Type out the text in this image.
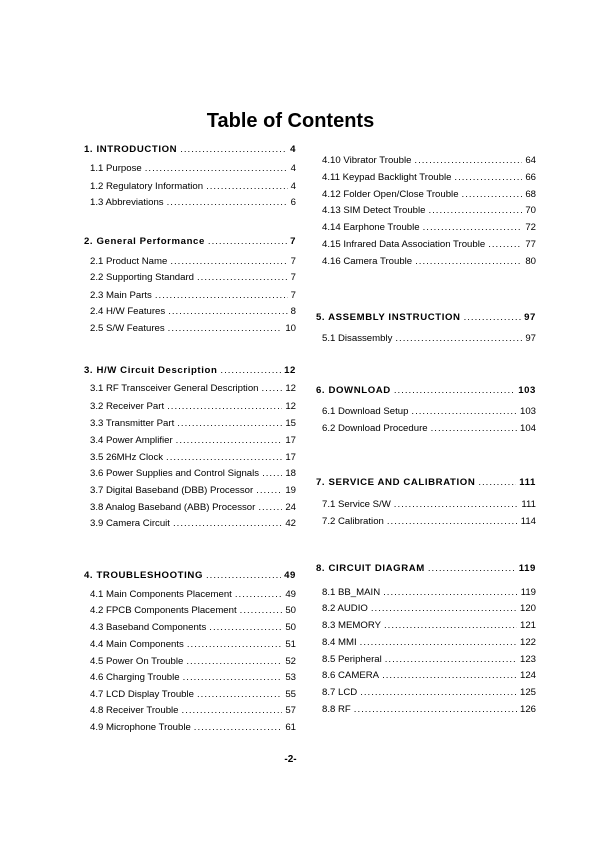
Table of Contents
1. INTRODUCTION .....	4
1.1 Purpose .....	4
1.2 Regulatory Information .....	4
1.3 Abbreviations .....	6
2. General Performance .....	7
2.1 Product Name .....	7
2.2 Supporting Standard .....	7
2.3 Main Parts .....	7
2.4 H/W Features .....	8
2.5 S/W Features .....	10
3. H/W Circuit Description .....	12
3.1 RF Transceiver General Description .....	12
3.2 Receiver Part .....	12
3.3 Transmitter Part .....	15
3.4 Power Amplifier .....	17
3.5 26MHz Clock .....	17
3.6 Power Supplies and Control Signals .....	18
3.7 Digital Baseband (DBB) Processor .....	19
3.8 Analog Baseband (ABB) Processor .....	24
3.9 Camera Circuit .....	42
4. TROUBLESHOOTING .....	49
4.1 Main Components Placement .....	49
4.2 FPCB Components Placement .....	50
4.3 Baseband Components .....	50
4.4 Main Components .....	51
4.5 Power On Trouble .....	52
4.6 Charging Trouble .....	53
4.7 LCD Display Trouble .....	55
4.8 Receiver Trouble .....	57
4.9 Microphone Trouble .....	61
4.10 Vibrator Trouble .....	64
4.11 Keypad Backlight Trouble .....	66
4.12 Folder Open/Close Trouble .....	68
4.13 SIM Detect Trouble .....	70
4.14 Earphone Trouble .....	72
4.15 Infrared Data Association Trouble .....	77
4.16 Camera Trouble .....	80
5. ASSEMBLY INSTRUCTION .....	97
5.1 Disassembly .....	97
6. DOWNLOAD .....	103
6.1 Download Setup .....	103
6.2 Download Procedure .....	104
7. SERVICE AND CALIBRATION .....	111
7.1 Service S/W .....	111
7.2 Calibration .....	114
8. CIRCUIT DIAGRAM .....	119
8.1 BB_MAIN .....	119
8.2 AUDIO .....	120
8.3 MEMORY .....	121
8.4 MMI .....	122
8.5 Peripheral .....	123
8.6 CAMERA .....	124
8.7 LCD .....	125
8.8 RF .....	126
-2-
